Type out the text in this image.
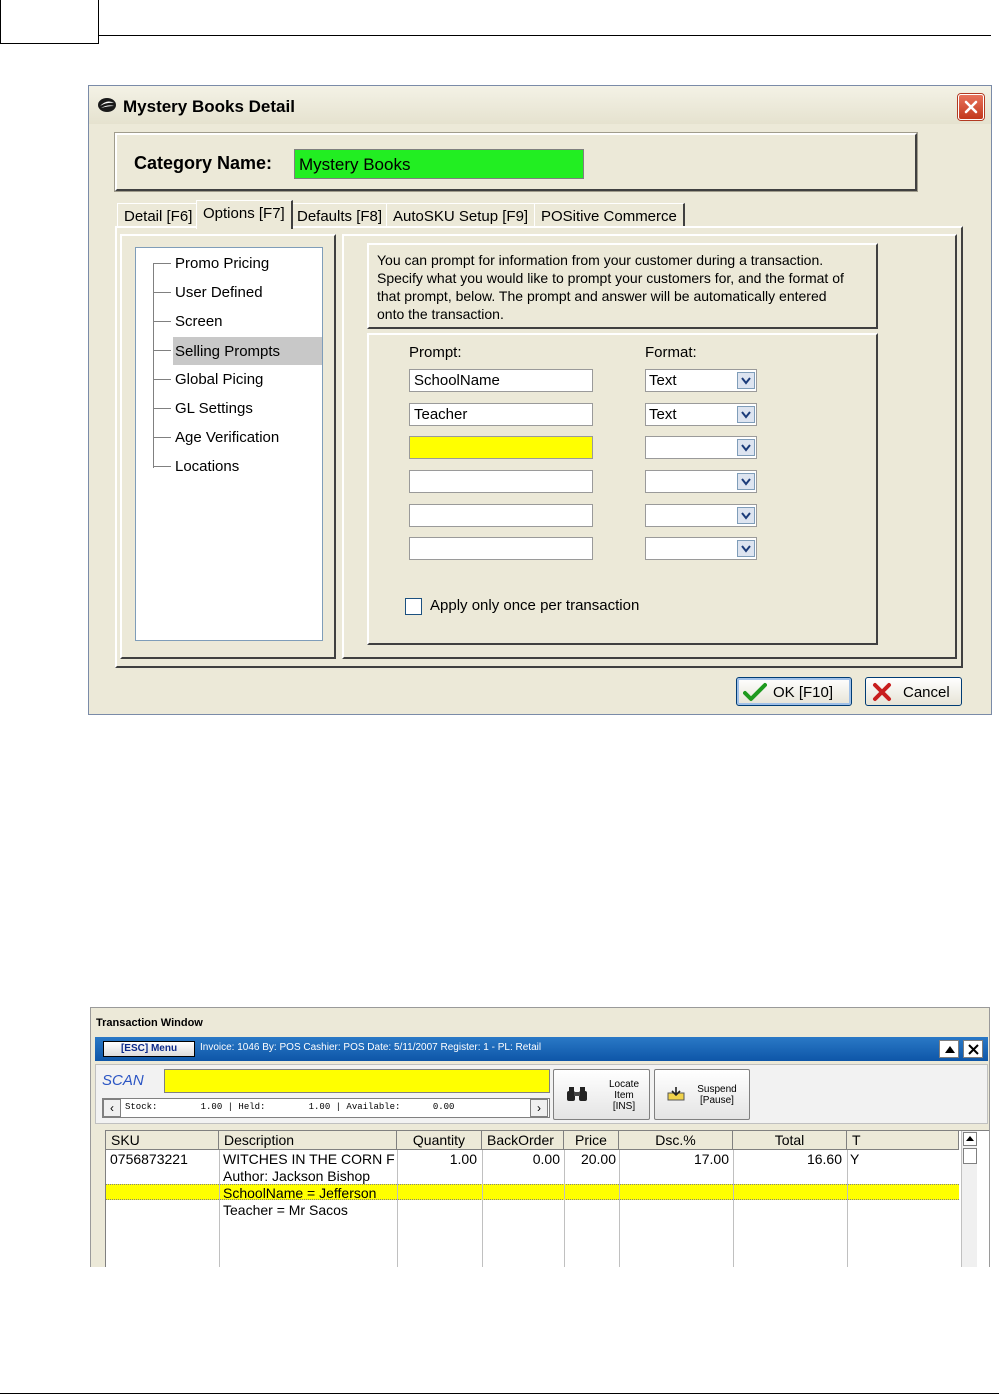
Mystery Books Detail
Category Name: Mystery Books
Detail [F6] Options [F7] Defaults [F8] AutoSKU Setup [F9] POSitive Commerce
Promo Pricing
User Defined
Screen
Selling Prompts
Global Picing
GL Settings
Age Verification
Locations
You can prompt for information from your customer during a transaction.
Specify what you would like to prompt your customers for, and the format of
that prompt, below. The prompt and answer will be automatically entered
onto the transaction.
Prompt:	Format:
SchoolName	Text
Teacher	Text
Apply only once per transaction
OK [F10]	Cancel
Transaction Window
[ESC] Menu	Invoice: 1046 By: POS Cashier: POS Date: 5/11/2007 Register: 1 - PL: Retail
SCAN
‹	Stock:        1.00 | Held:        1.00 | Available:      0.00	›
Locate
Item
[INS]
Suspend
[Pause]
SKU	Description	Quantity	BackOrder	Price	Dsc.%	Total	T
0756873221	WITCHES IN THE CORN F	1.00	0.00	20.00	17.00	16.60 Y
Author: Jackson Bishop
SchoolName = Jefferson
Teacher = Mr Sacos
